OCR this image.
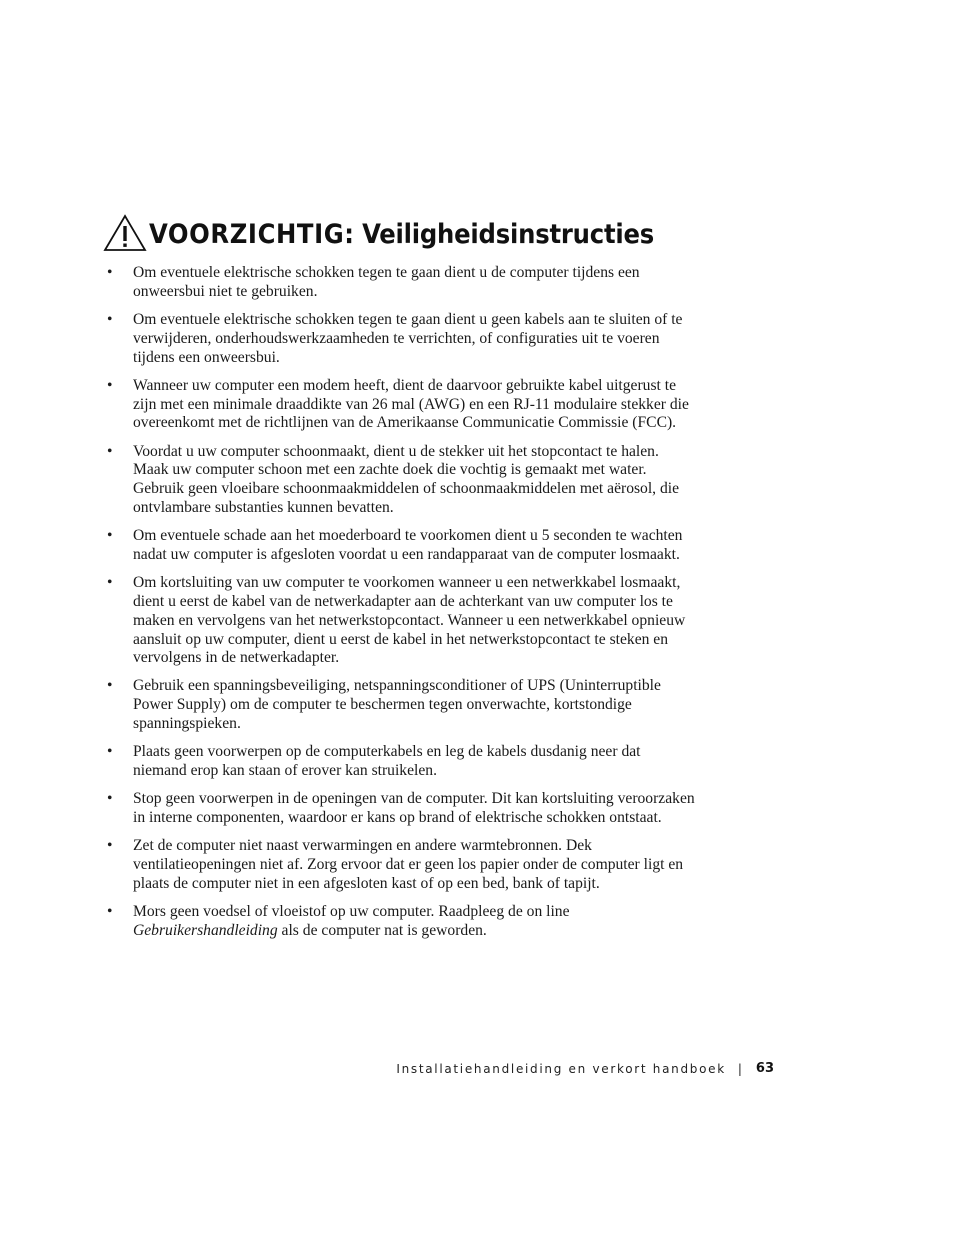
VOORZICHTIG: Veiligheidsinstructies
• Om eventuele elektrische schokken tegen te gaan dient u de computer tijdens een
onweersbui niet te gebruiken.
• Om eventuele elektrische schokken tegen te gaan dient u geen kabels aan te sluiten of te
verwijderen, onderhoudswerkzaamheden te verrichten, of configuraties uit te voeren
tijdens een onweersbui.
• Wanneer uw computer een modem heeft, dient de daarvoor gebruikte kabel uitgerust te
zijn met een minimale draaddikte van 26 mal (AWG) en een RJ-11 modulaire stekker die
overeenkomt met de richtlijnen van de Amerikaanse Communicatie Commissie (FCC).
• Voordat u uw computer schoonmaakt, dient u de stekker uit het stopcontact te halen.
Maak uw computer schoon met een zachte doek die vochtig is gemaakt met water.
Gebruik geen vloeibare schoonmaakmiddelen of schoonmaakmiddelen met aërosol, die
ontvlambare substanties kunnen bevatten.
• Om eventuele schade aan het moederboard te voorkomen dient u 5 seconden te wachten
nadat uw computer is afgesloten voordat u een randapparaat van de computer losmaakt.
• Om kortsluiting van uw computer te voorkomen wanneer u een netwerkkabel losmaakt,
dient u eerst de kabel van de netwerkadapter aan de achterkant van uw computer los te
maken en vervolgens van het netwerkstopcontact. Wanneer u een netwerkkabel opnieuw
aansluit op uw computer, dient u eerst de kabel in het netwerkstopcontact te steken en
vervolgens in de netwerkadapter.
• Gebruik een spanningsbeveiliging, netspanningsconditioner of UPS (Uninterruptible
Power Supply) om de computer te beschermen tegen onverwachte, kortstondige
spanningspieken.
• Plaats geen voorwerpen op de computerkabels en leg de kabels dusdanig neer dat
niemand erop kan staan of erover kan struikelen.
• Stop geen voorwerpen in de openingen van de computer. Dit kan kortsluiting veroorzaken
in interne componenten, waardoor er kans op brand of elektrische schokken ontstaat.
• Zet de computer niet naast verwarmingen en andere warmtebronnen. Dek
ventilatieopeningen niet af. Zorg ervoor dat er geen los papier onder de computer ligt en
plaats de computer niet in een afgesloten kast of op een bed, bank of tapijt.
• Mors geen voedsel of vloeistof op uw computer. Raadpleeg de on line
Gebruikershandleiding als de computer nat is geworden.
Installatiehandleiding en verkort handboek | 63
